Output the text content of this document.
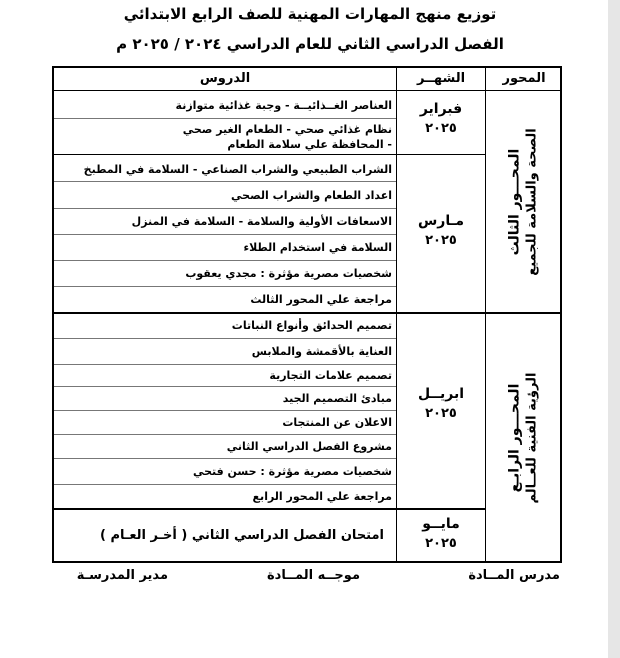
توزيع منهج المهارات المهنية للصف الرابع الابتدائي
الفصل الدراسي الثاني للعام الدراسي ٢٠٢٤ / ٢٠٢٥ م
المحور
الشهــر
الدروس
المحـــور الثالث الصحة والسلامة للجميع
المحـــور الرابـع الرؤية الفنية للعــالم
فبراير
٢٠٢٥
مـارس
٢٠٢٥
ابريــل
٢٠٢٥
مايــو
٢٠٢٥
العناصر الغــذائيــة - وجبة غذائية متوازنة
نظام غذائي صحي - الطعام الغير صحي
- المحافظة علي سلامة الطعام
الشراب الطبيعي والشراب الصناعي - السلامة في المطبخ
اعداد الطعام والشراب الصحي
الاسعافات الأولية والسلامة - السلامة في المنزل
السلامة في استخدام الطلاء
شخصيات مصرية مؤثرة : مجدي يعقوب
مراجعة علي المحور الثالث
تصميم الحدائق وأنواع النباتات
العناية بالأقمشة والملابس
تصميم علامات التجارية
مبادئ التصميم الجيد
الاعلان عن المنتجات
مشروع الفصل الدراسي الثاني
شخصيات مصرية مؤثرة : حسن فتحي
مراجعة علي المحور الرابع
امتحان الفصل الدراسي الثاني ( أخـر العـام )
مدرس المــادة
موجــه المــادة
مدير المدرسـة
